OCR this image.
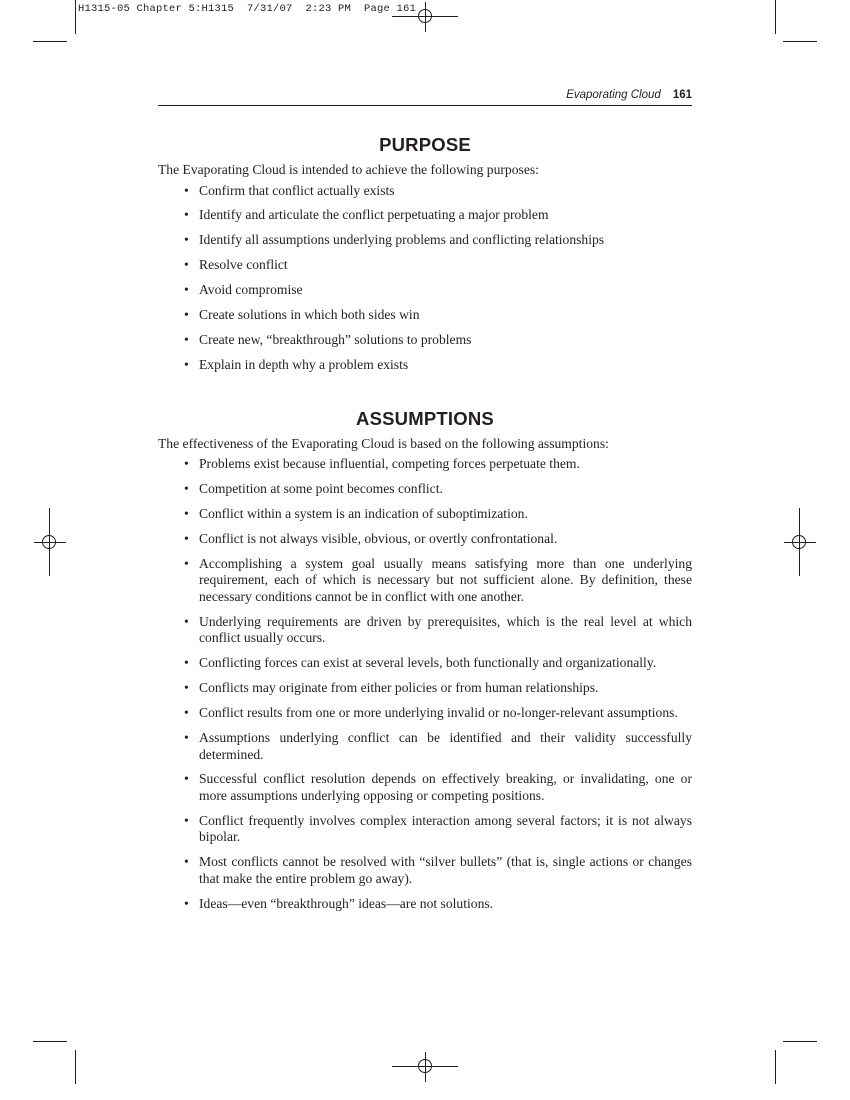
H1315-05 Chapter 5:H1315  7/31/07  2:23 PM  Page 161
Evaporating Cloud 161
PURPOSE

The Evaporating Cloud is intended to achieve the following purposes:

• Confirm that conflict actually exists
• Identify and articulate the conflict perpetuating a major problem
• Identify all assumptions underlying problems and conflicting relationships
• Resolve conflict
• Avoid compromise
• Create solutions in which both sides win
• Create new, “breakthrough” solutions to problems
• Explain in depth why a problem exists
ASSUMPTIONS

The effectiveness of the Evaporating Cloud is based on the following assumptions:

• Problems exist because influential, competing forces perpetuate them.
• Competition at some point becomes conflict.
• Conflict within a system is an indication of suboptimization.
• Conflict is not always visible, obvious, or overtly confrontational.
• Accomplishing a system goal usually means satisfying more than one underlying requirement, each of which is necessary but not sufficient alone. By definition, these necessary conditions cannot be in conflict with one another.
• Underlying requirements are driven by prerequisites, which is the real level at which conflict usually occurs.
• Conflicting forces can exist at several levels, both functionally and organizationally.
• Conflicts may originate from either policies or from human relationships.
• Conflict results from one or more underlying invalid or no-longer-relevant assumptions.
• Assumptions underlying conflict can be identified and their validity successfully determined.
• Successful conflict resolution depends on effectively breaking, or invalidating, one or more assumptions underlying opposing or competing positions.
• Conflict frequently involves complex interaction among several factors; it is not always bipolar.
• Most conflicts cannot be resolved with “silver bullets” (that is, single actions or changes that make the entire problem go away).
• Ideas—even “breakthrough” ideas—are not solutions.
